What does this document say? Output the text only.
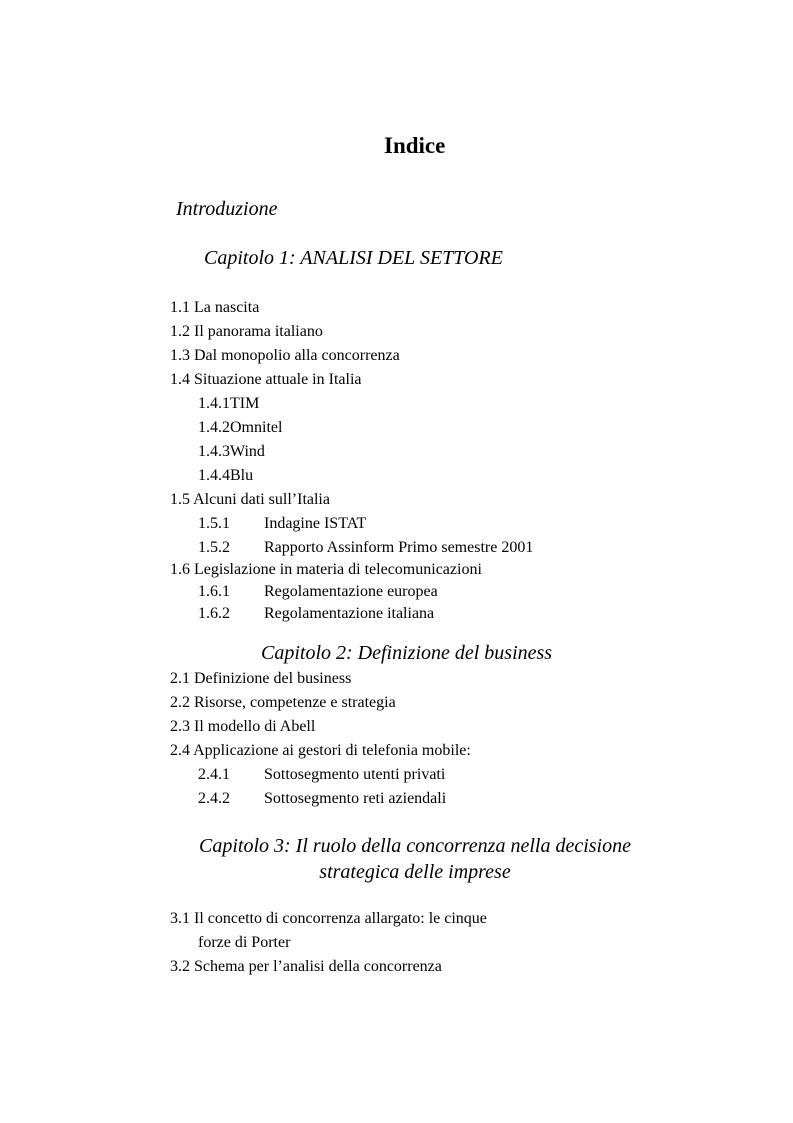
Indice
Introduzione
Capitolo 1: ANALISI DEL SETTORE
1.1 La nascita
1.2 Il panorama italiano
1.3 Dal monopolio alla concorrenza
1.4 Situazione attuale in Italia
1.4.1TIM
1.4.2Omnitel
1.4.3Wind
1.4.4Blu
1.5 Alcuni dati sull’Italia
1.5.1 Indagine ISTAT
1.5.2 Rapporto Assinform Primo semestre 2001
1.6 Legislazione in materia di telecomunicazioni
1.6.1 Regolamentazione europea
1.6.2 Regolamentazione italiana
Capitolo 2: Definizione del business
2.1 Definizione del business
2.2 Risorse, competenze e strategia
2.3 Il modello di Abell
2.4 Applicazione ai gestori di telefonia mobile:
2.4.1 Sottosegmento utenti privati
2.4.2 Sottosegmento reti aziendali
Capitolo 3: Il ruolo della concorrenza nella decisione
strategica delle imprese
3.1 Il concetto di concorrenza allargato: le cinque
forze di Porter
3.2 Schema per l’analisi della concorrenza
